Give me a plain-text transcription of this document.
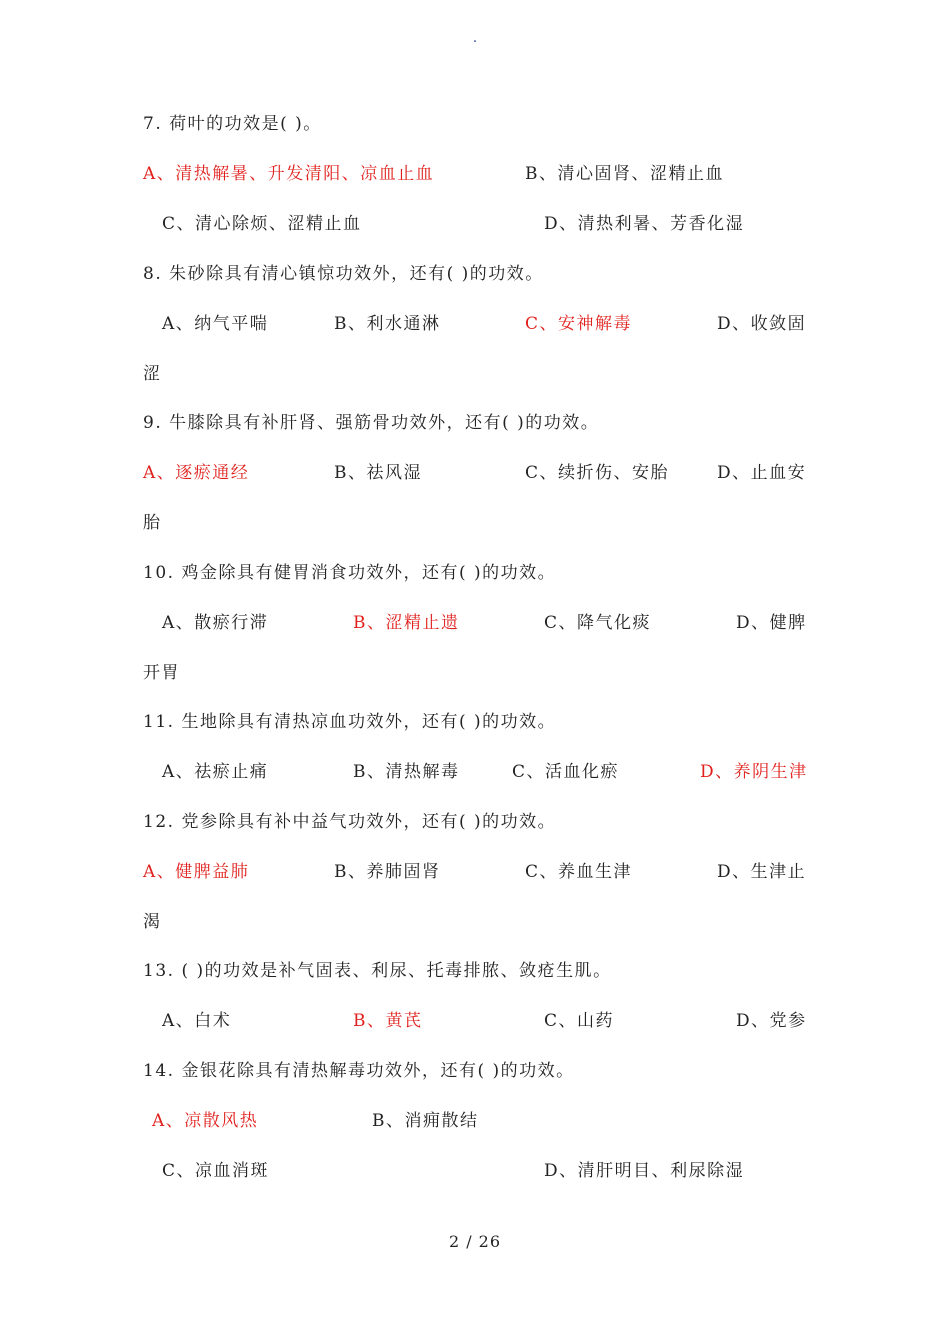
.
7. 荷叶的功效是( )。
A、清热解暑、升发清阳、凉血止血	B、清心固肾、涩精止血
C、清心除烦、涩精止血	D、清热利暑、芳香化湿
8. 朱砂除具有清心镇惊功效外，还有( )的功效。
A、纳气平喘	B、利水通淋	C、安神解毒	D、收敛固
涩
9. 牛膝除具有补肝肾、强筋骨功效外，还有( )的功效。
A、逐瘀通经	B、祛风湿	C、续折伤、安胎	D、止血安
胎
10. 鸡金除具有健胃消食功效外，还有( )的功效。
A、散瘀行滞	B、涩精止遗	C、降气化痰	D、健脾
开胃
11. 生地除具有清热凉血功效外，还有( )的功效。
A、祛瘀止痛	B、清热解毒	C、活血化瘀	D、养阴生津
12. 党参除具有补中益气功效外，还有( )的功效。
A、健脾益肺	B、养肺固肾	C、养血生津	D、生津止
渴
13. ( )的功效是补气固表、利尿、托毒排脓、敛疮生肌。
A、白术	B、黄芪	C、山药	D、党参
14. 金银花除具有清热解毒功效外，还有( )的功效。
A、凉散风热	B、消痈散结
C、凉血消斑	D、清肝明目、利尿除湿
2 / 26
